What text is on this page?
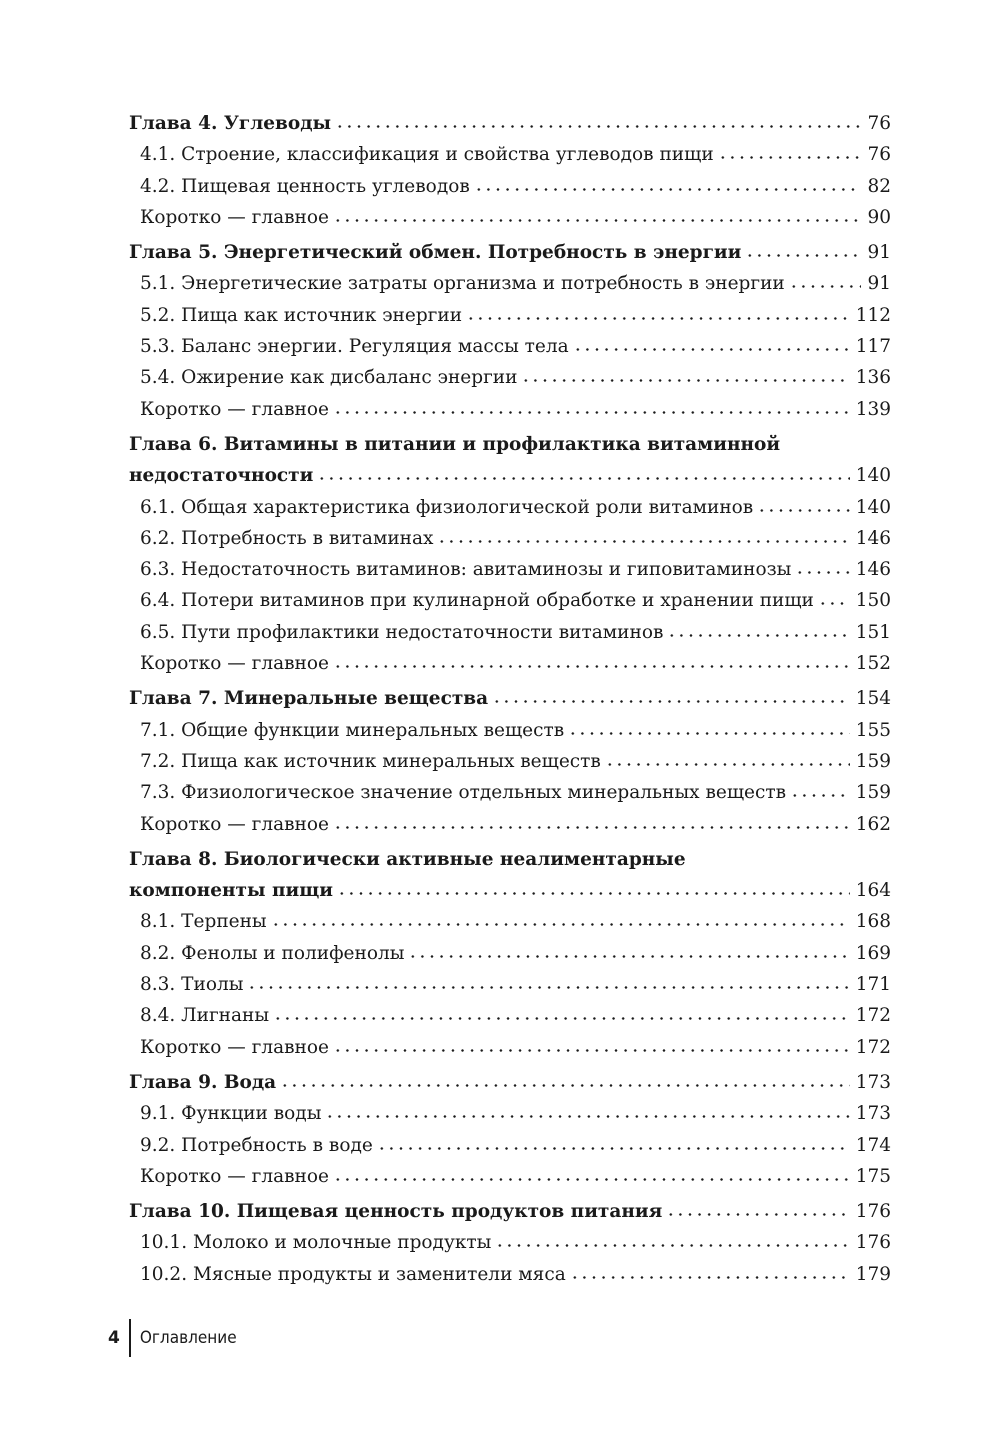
Глава 4. Углеводы	76
4.1. Строение, классификация и свойства углеводов пищи	76
4.2. Пищевая ценность углеводов	82
Коротко — главное	90
Глава 5. Энергетический обмен. Потребность в энергии	91
5.1. Энергетические затраты организма и потребность в энергии	91
5.2. Пища как источник энергии	112
5.3. Баланс энергии. Регуляция массы тела	117
5.4. Ожирение как дисбаланс энергии	136
Коротко — главное	139
Глава 6. Витамины в питании и профилактика витаминной
недостаточности	140
6.1. Общая характеристика физиологической роли витаминов	140
6.2. Потребность в витаминах	146
6.3. Недостаточность витаминов: авитаминозы и гиповитаминозы	146
6.4. Потери витаминов при кулинарной обработке и хранении пищи 150
6.5. Пути профилактики недостаточности витаминов	151
Коротко — главное	152
Глава 7. Минеральные вещества	154
7.1. Общие функции минеральных веществ	155
7.2. Пища как источник минеральных веществ	159
7.3. Физиологическое значение отдельных минеральных веществ	159
Коротко — главное	162
Глава 8. Биологически активные неалиментарные
компоненты пищи	164
8.1. Терпены	168
8.2. Фенолы и полифенолы	169
8.3. Тиолы	171
8.4. Лигнаны	172
Коротко — главное	172
Глава 9. Вода	173
9.1. Функции воды	173
9.2. Потребность в воде	174
Коротко — главное	175
Глава 10. Пищевая ценность продуктов питания	176
10.1. Молоко и молочные продукты	176
10.2. Мясные продукты и заменители мяса	179
4 Оглавление
